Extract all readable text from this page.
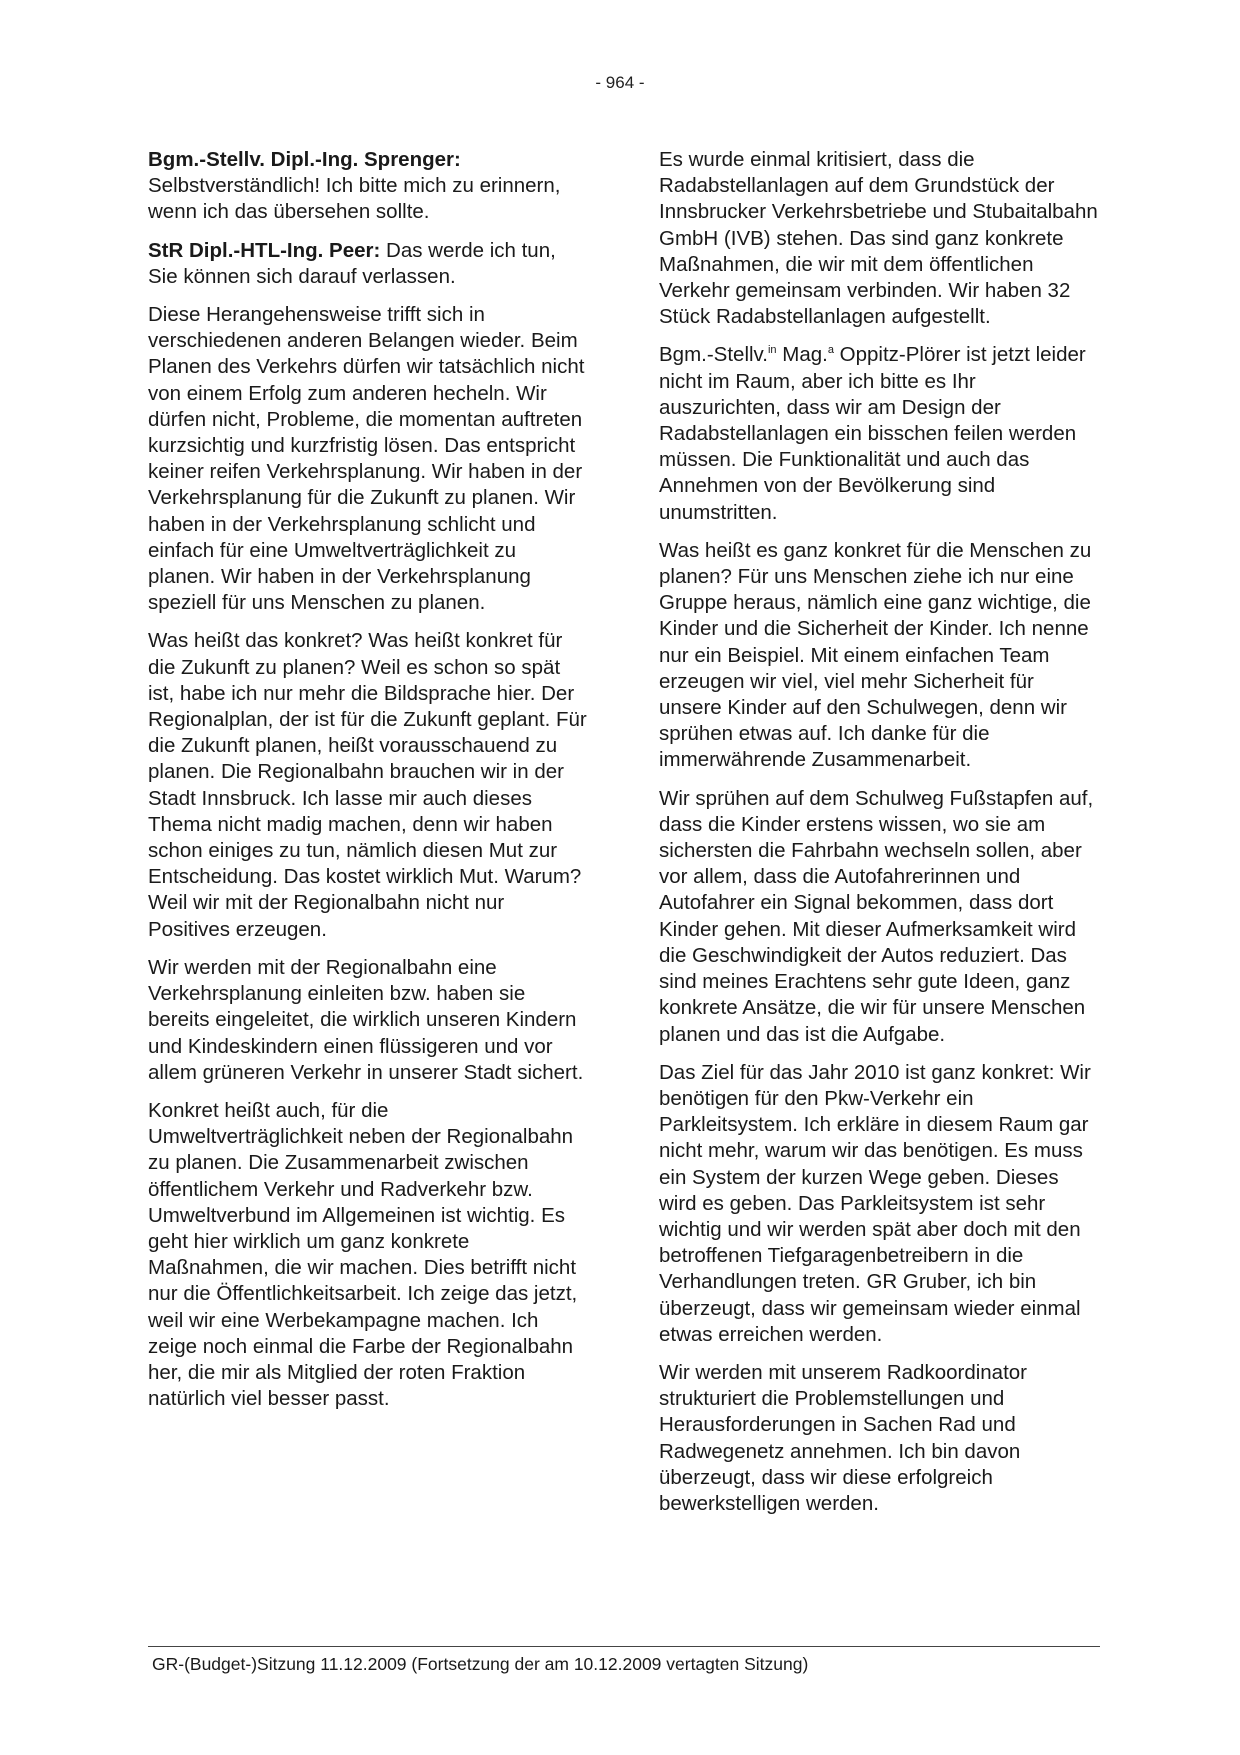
- 964 -

Bgm.-Stellv. Dipl.-Ing. Sprenger: Selbstverständlich! Ich bitte mich zu erinnern, wenn ich das übersehen sollte.

StR Dipl.-HTL-Ing. Peer: Das werde ich tun, Sie können sich darauf verlassen.

Diese Herangehensweise trifft sich in verschiedenen anderen Belangen wieder. Beim Planen des Verkehrs dürfen wir tatsächlich nicht von einem Erfolg zum anderen hecheln. Wir dürfen nicht, Probleme, die momentan auftreten kurzsichtig und kurzfristig lösen. Das entspricht keiner reifen Verkehrsplanung. Wir haben in der Verkehrsplanung für die Zukunft zu planen. Wir haben in der Verkehrsplanung schlicht und einfach für eine Umweltverträglichkeit zu planen. Wir haben in der Verkehrsplanung speziell für uns Menschen zu planen.

Was heißt das konkret? Was heißt konkret für die Zukunft zu planen? Weil es schon so spät ist, habe ich nur mehr die Bildsprache hier. Der Regionalplan, der ist für die Zukunft geplant. Für die Zukunft planen, heißt vorausschauend zu planen. Die Regionalbahn brauchen wir in der Stadt Innsbruck. Ich lasse mir auch dieses Thema nicht madig machen, denn wir haben schon einiges zu tun, nämlich diesen Mut zur Entscheidung. Das kostet wirklich Mut. Warum? Weil wir mit der Regionalbahn nicht nur Positives erzeugen.

Wir werden mit der Regionalbahn eine Verkehrsplanung einleiten bzw. haben sie bereits eingeleitet, die wirklich unseren Kindern und Kindeskindern einen flüssigeren und vor allem grüneren Verkehr in unserer Stadt sichert.

Konkret heißt auch, für die Umweltverträglichkeit neben der Regionalbahn zu planen. Die Zusammenarbeit zwischen öffentlichem Verkehr und Radverkehr bzw. Umweltverbund im Allgemeinen ist wichtig. Es geht hier wirklich um ganz konkrete Maßnahmen, die wir machen. Dies betrifft nicht nur die Öffentlichkeitsarbeit. Ich zeige das jetzt, weil wir eine Werbekampagne machen. Ich zeige noch einmal die Farbe der Regionalbahn her, die mir als Mitglied der roten Fraktion natürlich viel besser passt.

Es wurde einmal kritisiert, dass die Radabstellanlagen auf dem Grundstück der Innsbrucker Verkehrsbetriebe und Stubaitalbahn GmbH (IVB) stehen. Das sind ganz konkrete Maßnahmen, die wir mit dem öffentlichen Verkehr gemeinsam verbinden. Wir haben 32 Stück Radabstellanlagen aufgestellt.

Bgm.-Stellv.$^{in}$ Mag.$^a$ Oppitz-Plörer ist jetzt leider nicht im Raum, aber ich bitte es Ihr auszurichten, dass wir am Design der Radabstellanlagen ein bisschen feilen werden müssen. Die Funktionalität und auch das Annehmen von der Bevölkerung sind unumstritten.

Was heißt es ganz konkret für die Menschen zu planen? Für uns Menschen ziehe ich nur eine Gruppe heraus, nämlich eine ganz wichtige, die Kinder und die Sicherheit der Kinder. Ich nenne nur ein Beispiel. Mit einem einfachen Team erzeugen wir viel, viel mehr Sicherheit für unsere Kinder auf den Schulwegen, denn wir sprühen etwas auf. Ich danke für die immerwährende Zusammenarbeit.

Wir sprühen auf dem Schulweg Fußstapfen auf, dass die Kinder erstens wissen, wo sie am sichersten die Fahrbahn wechseln sollen, aber vor allem, dass die Autofahrerinnen und Autofahrer ein Signal bekommen, dass dort Kinder gehen. Mit dieser Aufmerksamkeit wird die Geschwindigkeit der Autos reduziert. Das sind meines Erachtens sehr gute Ideen, ganz konkrete Ansätze, die wir für unsere Menschen planen und das ist die Aufgabe.

Das Ziel für das Jahr 2010 ist ganz konkret: Wir benötigen für den Pkw-Verkehr ein Parkleitsystem. Ich erkläre in diesem Raum gar nicht mehr, warum wir das benötigen. Es muss ein System der kurzen Wege geben. Dieses wird es geben. Das Parkleitsystem ist sehr wichtig und wir werden spät aber doch mit den betroffenen Tiefgaragenbetreibern in die Verhandlungen treten. GR Gruber, ich bin überzeugt, dass wir gemeinsam wieder einmal etwas erreichen werden.

Wir werden mit unserem Radkoordinator strukturiert die Problemstellungen und Herausforderungen in Sachen Rad und Radwegenetz annehmen. Ich bin davon überzeugt, dass wir diese erfolgreich bewerkstelligen werden.

GR-(Budget-)Sitzung 11.12.2009 (Fortsetzung der am 10.12.2009 vertagten Sitzung)
